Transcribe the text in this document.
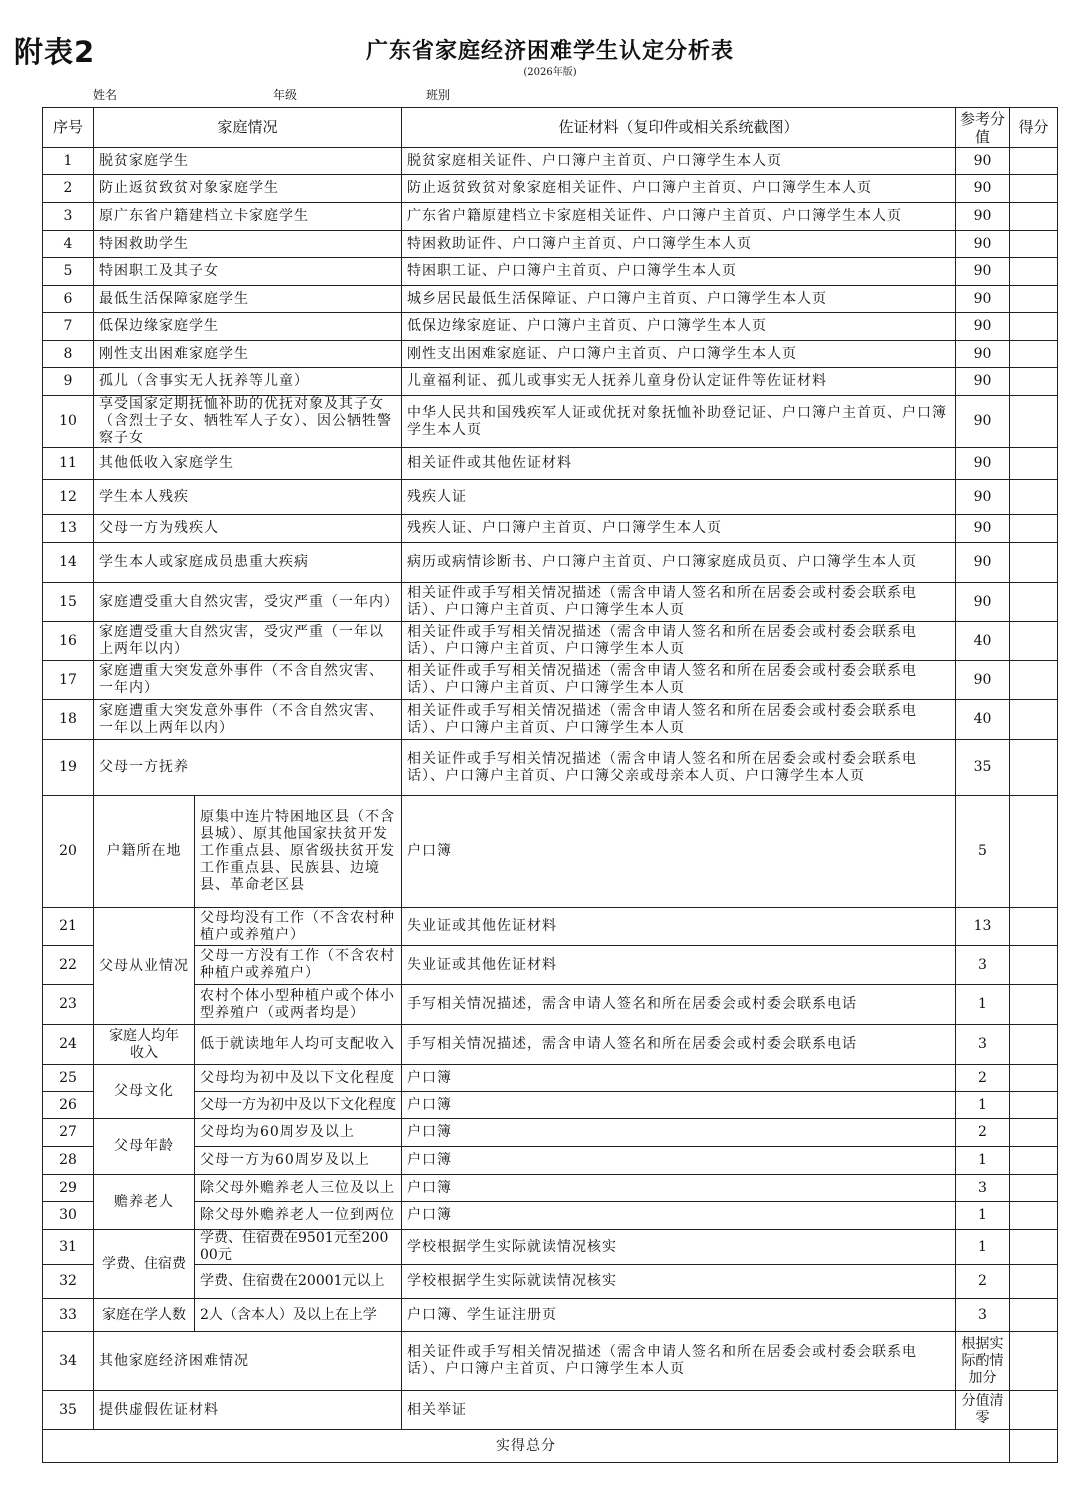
附表2	广东省家庭经济困难学生认定分析表
(2026年版)
姓名	年级	班别
序号	家庭情况		佐证材料（复印件或相关系统截图）	参考分值	得分
1	脱贫家庭学生		脱贫家庭相关证件、户口簿户主首页、户口簿学生本人页	90	
2	防止返贫致贫对象家庭学生		防止返贫致贫对象家庭相关证件、户口簿户主首页、户口簿学生本人页	90	
3	原广东省户籍建档立卡家庭学生		广东省户籍原建档立卡家庭相关证件、户口簿户主首页、户口簿学生本人页	90	
4	特困救助学生		特困救助证件、户口簿户主首页、户口簿学生本人页	90	
5	特困职工及其子女		特困职工证、户口簿户主首页、户口簿学生本人页	90	
6	最低生活保障家庭学生		城乡居民最低生活保障证、户口簿户主首页、户口簿学生本人页	90	
7	低保边缘家庭学生		低保边缘家庭证、户口簿户主首页、户口簿学生本人页	90	
8	刚性支出困难家庭学生		刚性支出困难家庭证、户口簿户主首页、户口簿学生本人页	90	
9	孤儿（含事实无人抚养等儿童）		儿童福利证、孤儿或事实无人抚养儿童身份认定证件等佐证材料	90	
10	享受国家定期抚恤补助的优抚对象及其子女（含烈士子女、牺牲军人子女）、因公牺牲警察子女		中华人民共和国残疾军人证或优抚对象抚恤补助登记证、户口簿户主首页、户口簿学生本人页	90	
11	其他低收入家庭学生		相关证件或其他佐证材料	90	
12	学生本人残疾		残疾人证	90	
13	父母一方为残疾人		残疾人证、户口簿户主首页、户口簿学生本人页	90	
14	学生本人或家庭成员患重大疾病		病历或病情诊断书、户口簿户主首页、户口簿家庭成员页、户口簿学生本人页	90	
15	家庭遭受重大自然灾害，受灾严重（一年内）		相关证件或手写相关情况描述（需含申请人签名和所在居委会或村委会联系电话）、户口簿户主首页、户口簿学生本人页	90	
16	家庭遭受重大自然灾害，受灾严重（一年以上两年以内）		相关证件或手写相关情况描述（需含申请人签名和所在居委会或村委会联系电话）、户口簿户主首页、户口簿学生本人页	40	
17	家庭遭重大突发意外事件（不含自然灾害、一年内）		相关证件或手写相关情况描述（需含申请人签名和所在居委会或村委会联系电话）、户口簿户主首页、户口簿学生本人页	90	
18	家庭遭重大突发意外事件（不含自然灾害、一年以上两年以内）		相关证件或手写相关情况描述（需含申请人签名和所在居委会或村委会联系电话）、户口簿户主首页、户口簿学生本人页	40	
19	父母一方抚养		相关证件或手写相关情况描述（需含申请人签名和所在居委会或村委会联系电话）、户口簿户主首页、户口簿父亲或母亲本人页、户口簿学生本人页	35	
20	户籍所在地	原集中连片特困地区县（不含县城）、原其他国家扶贫开发工作重点县、原省级扶贫开发工作重点县、民族县、边境县、革命老区县	户口簿	5	
21	父母从业情况	父母均没有工作（不含农村种植户或养殖户）	失业证或其他佐证材料	13	
22		父母一方没有工作（不含农村种植户或养殖户）	失业证或其他佐证材料	3	
23		农村个体小型种植户或个体小型养殖户（或两者均是）	手写相关情况描述，需含申请人签名和所在居委会或村委会联系电话	1	
24	家庭人均年收入	低于就读地年人均可支配收入	手写相关情况描述，需含申请人签名和所在居委会或村委会联系电话	3	
25	父母文化	父母均为初中及以下文化程度	户口簿	2	
26		父母一方为初中及以下文化程度	户口簿	1	
27	父母年龄	父母均为60周岁及以上	户口簿	2	
28		父母一方为60周岁及以上	户口簿	1	
29	赡养老人	除父母外赡养老人三位及以上	户口簿	3	
30		除父母外赡养老人一位到两位	户口簿	1	
31	学费、住宿费	学费、住宿费在9501元至20000元	学校根据学生实际就读情况核实	1	
32		学费、住宿费在20001元以上	学校根据学生实际就读情况核实	2	
33	家庭在学人数	2人（含本人）及以上在上学	户口簿、学生证注册页	3	
34	其他家庭经济困难情况		相关证件或手写相关情况描述（需含申请人签名和所在居委会或村委会联系电话）、户口簿户主首页、户口簿学生本人页	根据实际酌情加分	
35	提供虚假佐证材料		相关举证	分值清零	
实得总分					
